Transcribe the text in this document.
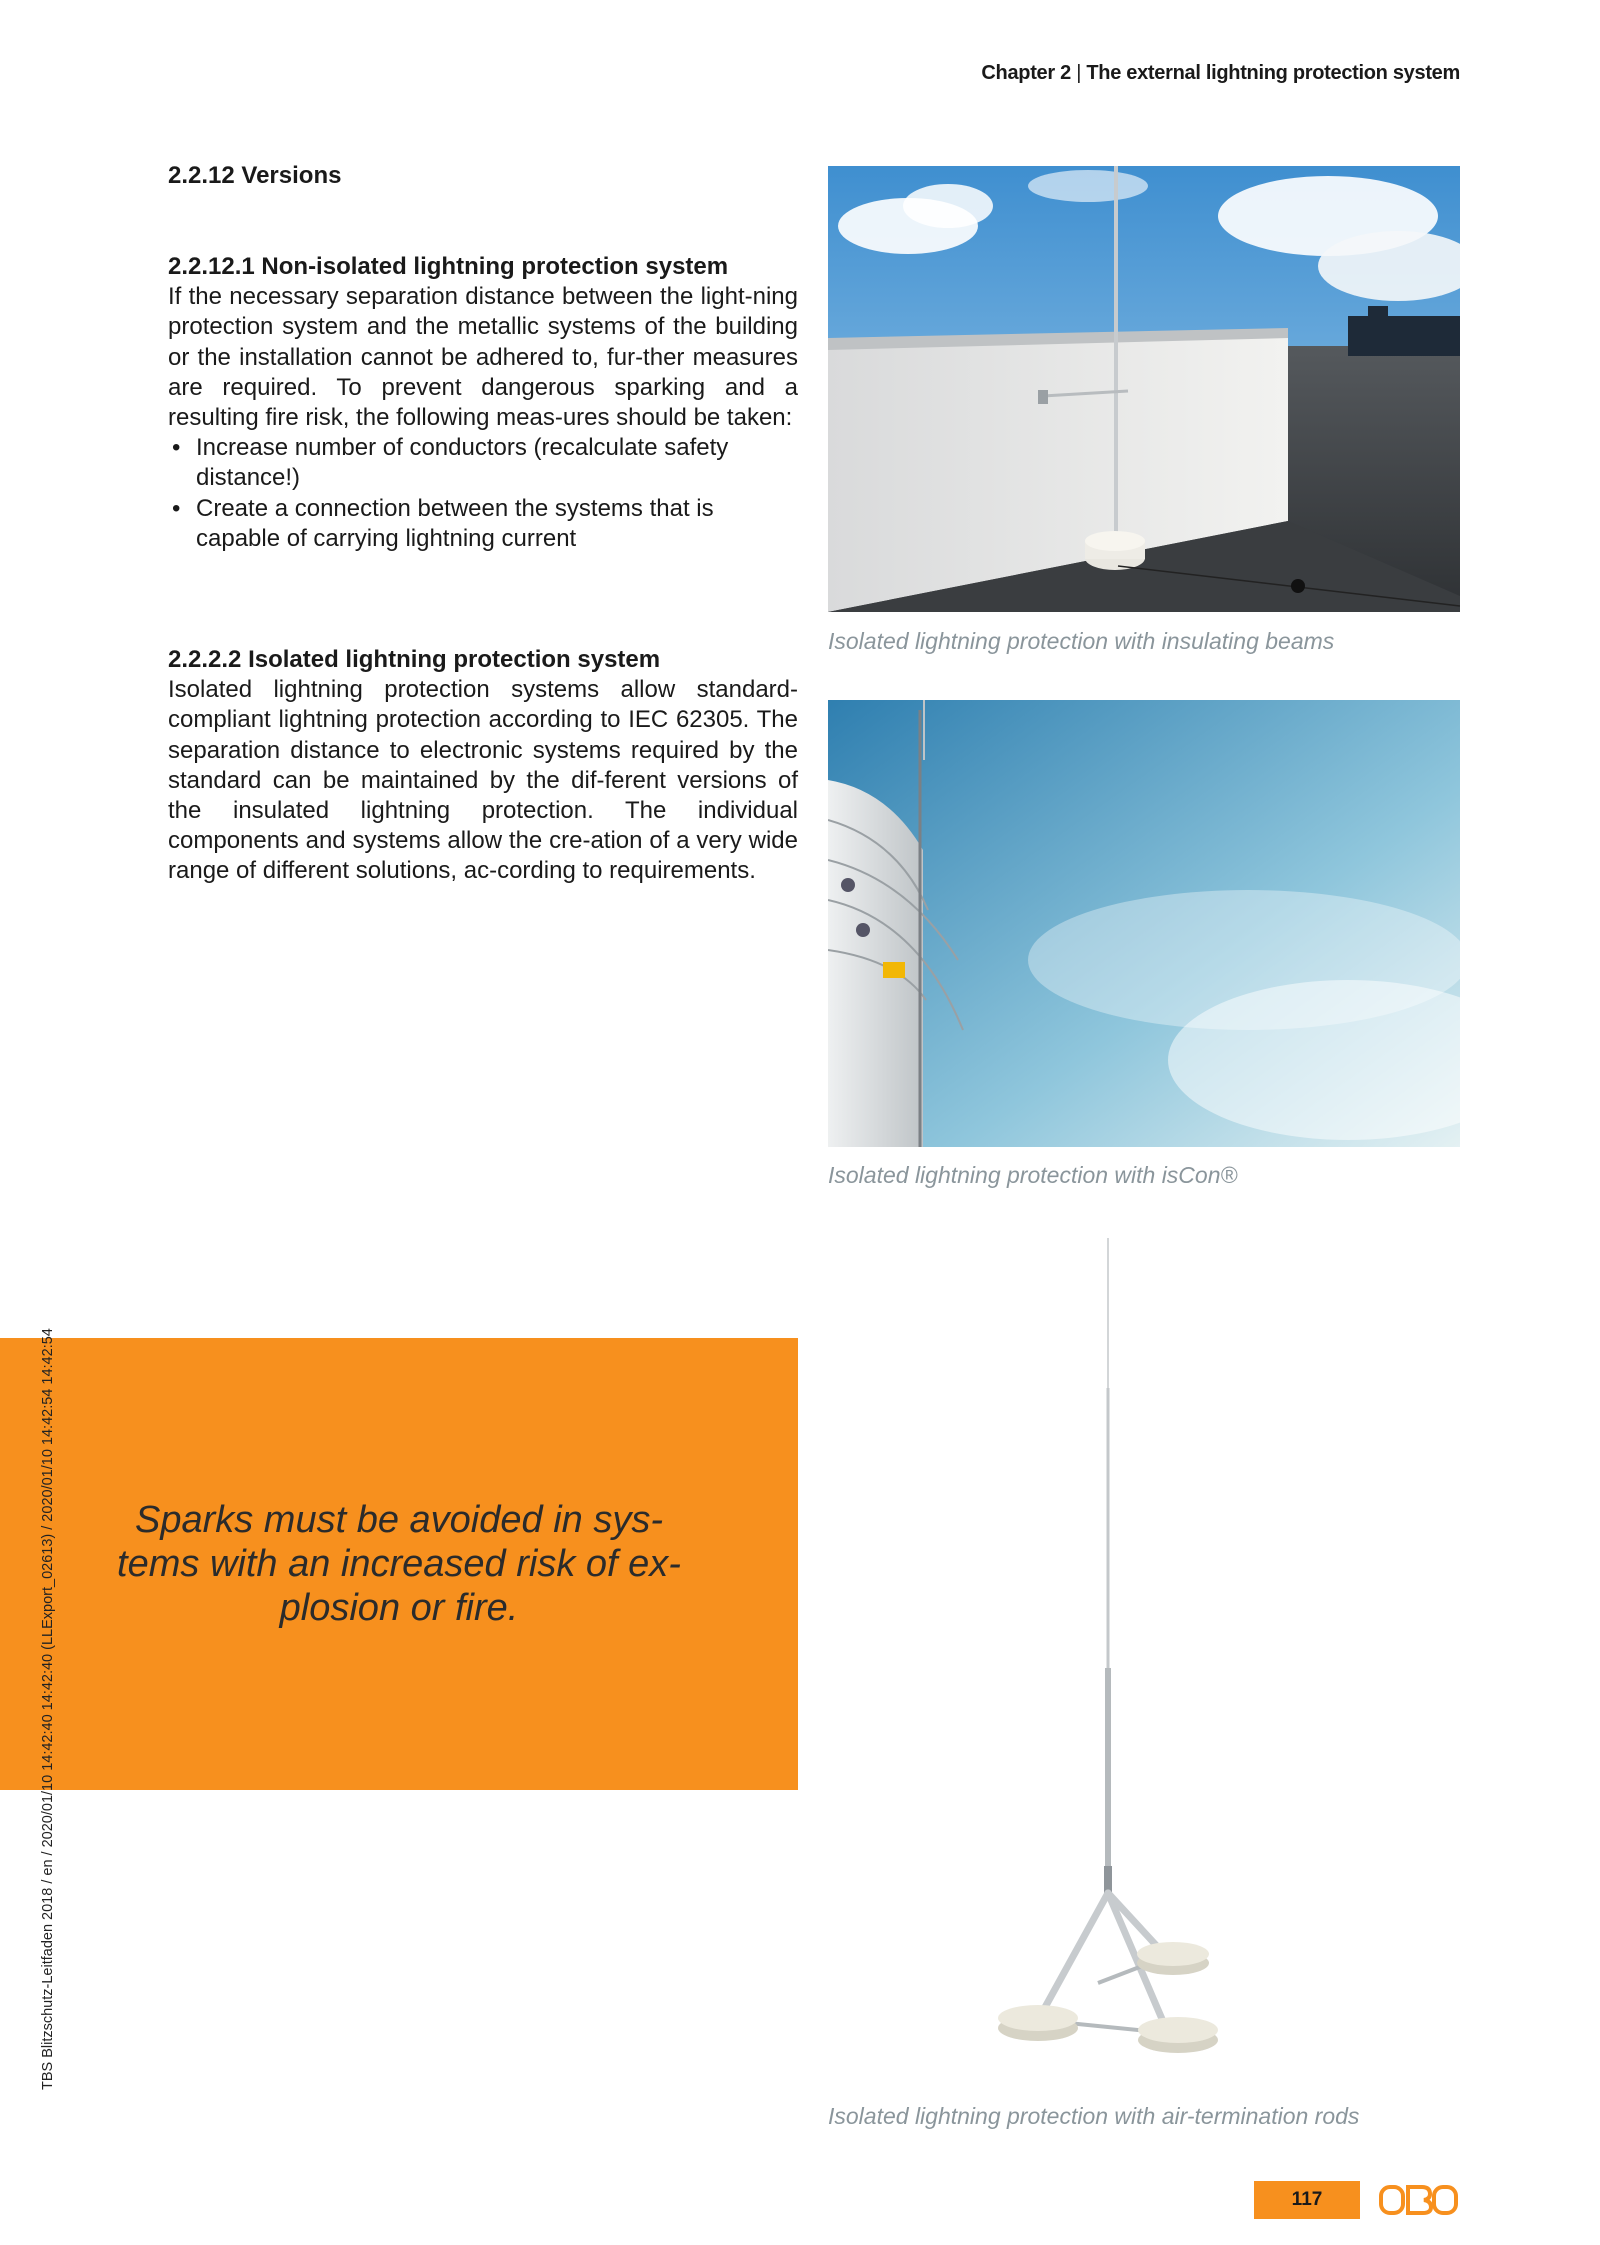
Chapter 2 | The external lightning protection system
2.2.12 Versions
2.2.12.1 Non-isolated lightning protection system

If the necessary separation distance between the light-ning protection system and the metallic systems of the building or the installation cannot be adhered to, fur-ther measures are required. To prevent dangerous sparking and a resulting fire risk, the following meas-ures should be taken:

• Increase number of conductors (recalculate safety distance!)
• Create a connection between the systems that is capable of carrying lightning current
2.2.2.2 Isolated lightning protection system

Isolated lightning protection systems allow standard-compliant lightning protection according to IEC 62305. The separation distance to electronic systems required by the standard can be maintained by the dif-ferent versions of the insulated lightning protection. The individual components and systems allow the cre-ation of a very wide range of different solutions, ac-cording to requirements.

Isolated lightning protection with insulating beams
Isolated lightning protection with isCon®
Isolated lightning protection with air-termination rods

Sparks must be avoided in sys-tems with an increased risk of ex-plosion or fire.

TBS Blitzschutz-Leitfaden 2018 / en / 2020/01/10 14:42:40 14:42:40 (LLExport_02613) / 2020/01/10 14:42:54 14:42:54
117
